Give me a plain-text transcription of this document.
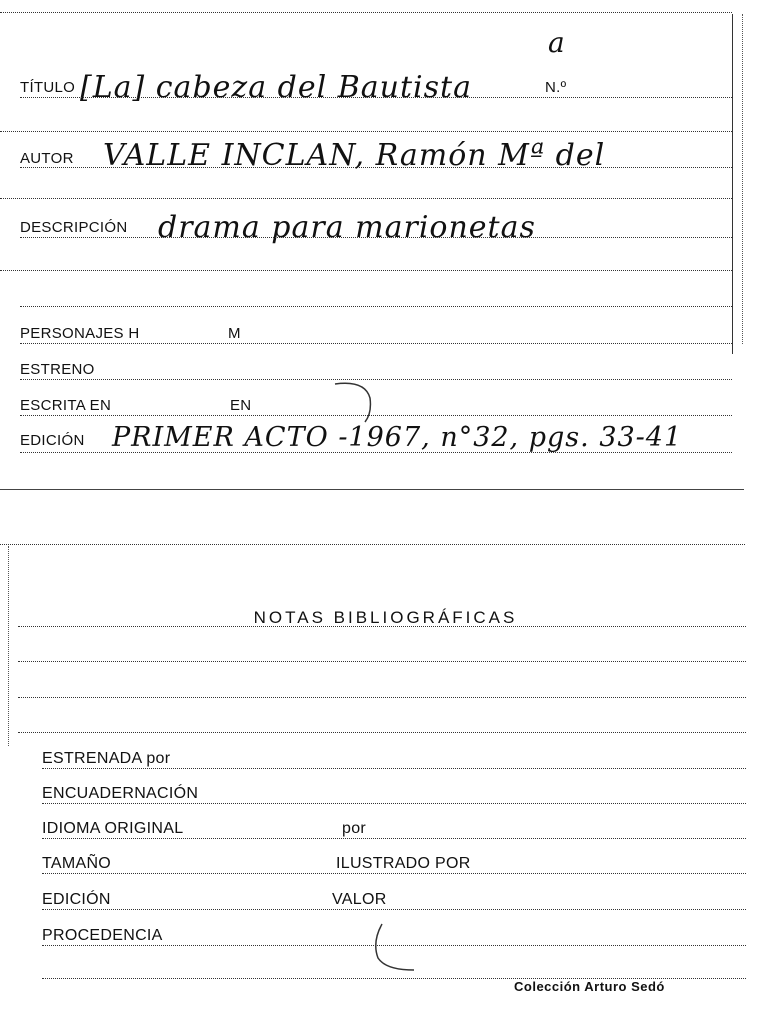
a
TÍTULO [La] cabeza del Bautista	N.º
AUTOR VALLE INCLAN, Ramón Mª del
DESCRIPCIÓN drama para marionetas
PERSONAJES H	M
ESTRENO
ESCRITA EN	EN
EDICIÓN PRIMER ACTO -1967, n°32, pgs. 33-41
NOTAS BIBLIOGRÁFICAS
ESTRENADA por
ENCUADERNACIÓN
IDIOMA ORIGINAL	por
TAMAÑO	ILUSTRADO POR
EDICIÓN	VALOR
PROCEDENCIA
Colección Arturo Sedó
